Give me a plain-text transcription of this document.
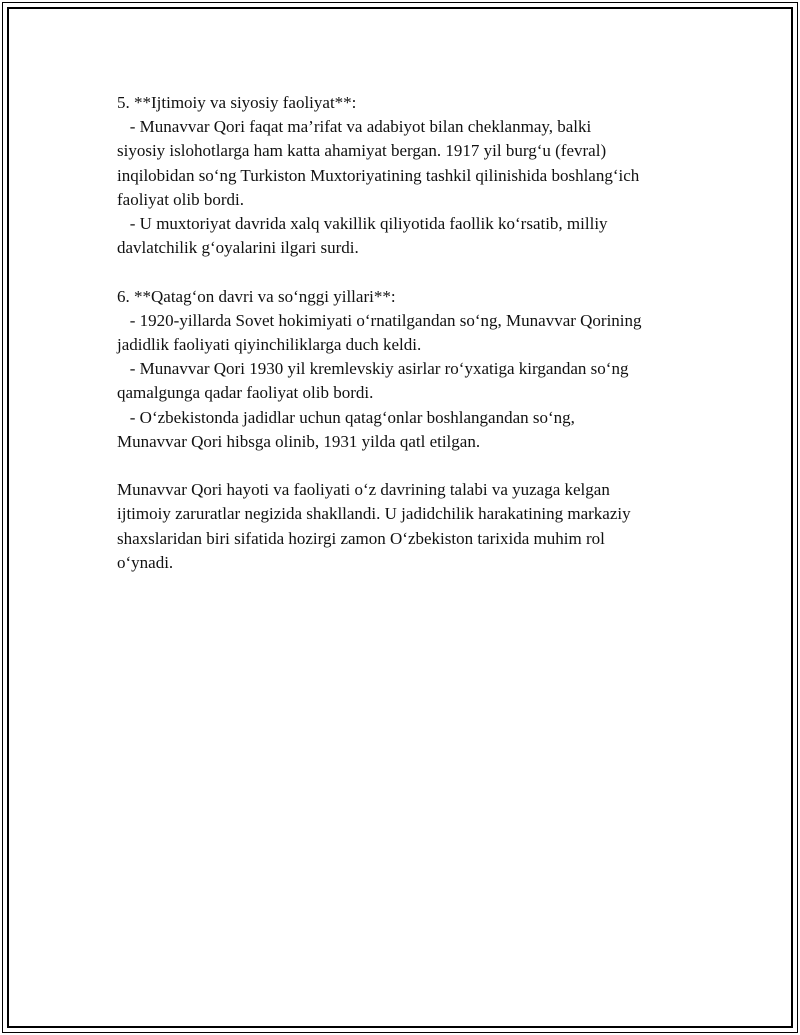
5. **Ijtimoiy va siyosiy faoliyat**:
- Munavvar Qori faqat ma’rifat va adabiyot bilan cheklanmay, balki
siyosiy islohotlarga ham katta ahamiyat bergan. 1917 yil burg‘u (fevral)
inqilobidan so‘ng Turkiston Muxtoriyatining tashkil qilinishida boshlang‘ich
faoliyat olib bordi.
- U muxtoriyat davrida xalq vakillik qiliyotida faollik ko‘rsatib, milliy
davlatchilik g‘oyalarini ilgari surdi.
6. **Qatag‘on davri va so‘nggi yillari**:
- 1920-yillarda Sovet hokimiyati o‘rnatilgandan so‘ng, Munavvar Qorining
jadidlik faoliyati qiyinchiliklarga duch keldi.
- Munavvar Qori 1930 yil kremlevskiy asirlar ro‘yxatiga kirgandan so‘ng
qamalgunga qadar faoliyat olib bordi.
- O‘zbekistonda jadidlar uchun qatag‘onlar boshlangandan so‘ng,
Munavvar Qori hibsga olinib, 1931 yilda qatl etilgan.
Munavvar Qori hayoti va faoliyati o‘z davrining talabi va yuzaga kelgan
ijtimoiy zaruratlar negizida shakllandi. U jadidchilik harakatining markaziy
shaxslaridan biri sifatida hozirgi zamon O‘zbekiston tarixida muhim rol
o‘ynadi.
